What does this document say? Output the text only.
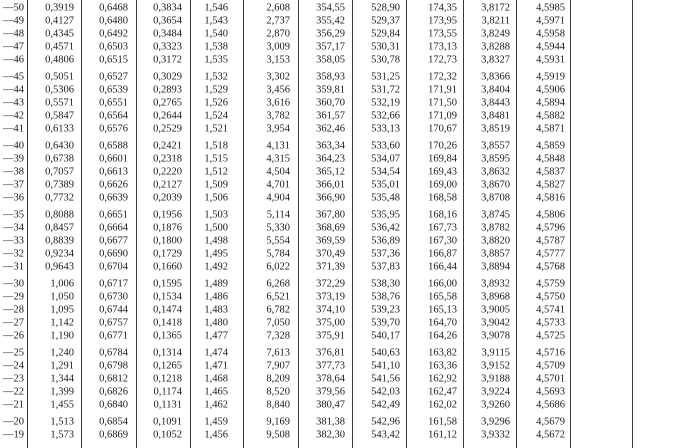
—50 0,3919 0,6468 0,3834 1,546	2,608 354,55 528,90	174,35 3,8172 4,5985
—49 0,4127 0,6480 0,3654 1,543	2,737 355,42 529,37	173,95 3,8211 4,5971
—48 0,4345 0,6492 0,3484 1,540	2,870 356,29 529,84	173,55 3,8249 4,5958
—47 0,4571 0,6503 0,3323 1,538	3,009 357,17 530,31	173,13 3,8288 4,5944
—46 0,4806 0,6515 0,3172 1,535	3,153 358,05 530,78	172,73 3,8327 4,5931
—45 0,5051 0,6527 0,3029 1,532	3,302 358,93 531,25	172,32 3,8366 4,5919
—44 0,5306 0,6539 0,2893 1,529	3,456 359,81 531,72	171,91 3,8404 4,5906
—43 0,5571 0,6551 0,2765 1,526	3,616 360,70 532,19	171,50 3,8443 4,5894
—42 0,5847 0,6564 0,2644 1,524	3,782 361,57 532,66	171,09 3,8481 4,5882
—41 0,6133 0,6576 0,2529 1,521	3,954 362,46 533,13	170,67 3,8519 4,5871
—40 0,6430 0,6588 0,2421 1,518	4,131 363,34 533,60	170,26 3,8557 4,5859
—39 0,6738 0,6601 0,2318 1,515	4,315 364,23 534,07	169,84 3,8595 4,5848
—38 0,7057 0,6613 0,2220 1,512	4,504 365,12 534,54	169,43 3,8632 4,5837
—37 0,7389 0,6626 0,2127 1,509	4,701 366,01 535,01	169,00 3,8670 4,5827
—36 0,7732 0,6639 0,2039 1,506	4,904 366,90 535,48	168,58 3,8708 4,5816
—35 0,8088 0,6651 0,1956 1,503	5,114 367,80 535,95	168,16 3,8745 4,5806
—34 0,8457 0,6664 0,1876 1,500	5,330 368,69 536,42	167,73 3,8782 4,5796
—33 0,8839 0,6677 0,1800 1,498	5,554 369,59 536,89	167,30 3,8820 4,5787
—32 0,9234 0,6690 0,1729 1,495	5,784 370,49 537,36	166,87 3,8857 4,5777
—31 0,9643 0,6704 0,1660 1,492	6,022 371,39 537,83	166,44 3,8894 4,5768
—30	1,006 0,6717 0,1595 1,489	6,268 372,29 538,30	166,00 3,8932 4,5759
—29	1,050 0,6730 0,1534 1,486	6,521 373,19 538,76	165,58 3,8968 4,5750
—28	1,095 0,6744 0,1474 1,483	6,782 374,10 539,23	165,13 3,9005 4,5741
—27	1,142 0,6757 0,1418 1,480	7,050 375,00 539,70	164,70 3,9042 4,5733
—26	1,190 0,6771 0,1365 1,477	7,328 375,91 540,17	164,26 3,9078 4,5725
—25	1,240 0,6784 0,1314 1,474	7,613 376,81 540,63	163,82 3,9115 4,5716
—24	1,291 0,6798 0,1265 1,471	7,907 377,73 541,10	163,36 3,9152 4,5709
—23	1,344 0,6812 0,1218 1,468	8,209 378,64 541,56	162,92 3,9188 4,5701
—22	1,399 0,6826 0,1174 1,465	8,520 379,56 542,03	162,47 3,9224 4,5693
—21	1,455 0,6840 0,1131 1,462	8,840 380,47 542,49	162,02 3,9260 4,5686
—20	1,513 0,6854 0,1091 1,459	9,169 381,38 542,96	161,58 3,9296 4,5679
—19	1,573 0,6869 0,1052 1,456	9,508 382,30 543,42	161,12 3,9332 4,5672
